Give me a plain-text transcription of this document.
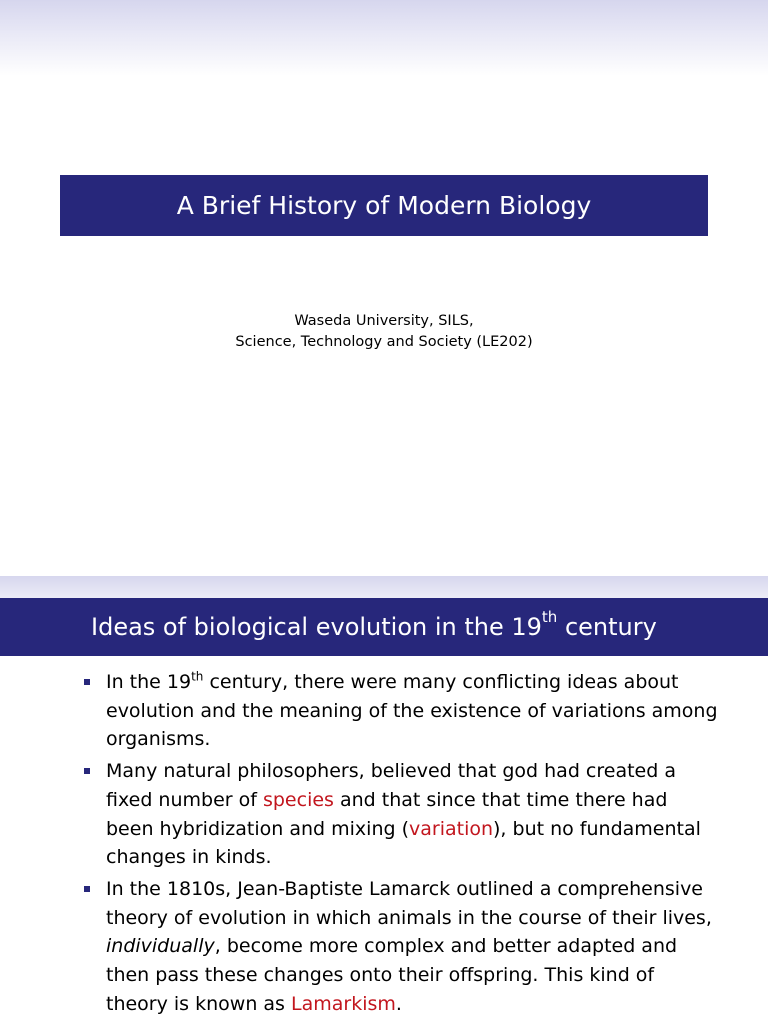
A Brief History of Modern Biology
Waseda University, SILS,
Science, Technology and Society (LE202)
Ideas of biological evolution in the 19th century
In the 19th century, there were many conflicting ideas about evolution and the meaning of the existence of variations among organisms.
Many natural philosophers, believed that god had created a fixed number of species and that since that time there had been hybridization and mixing (variation), but no fundamental changes in kinds.
In the 1810s, Jean-Baptiste Lamarck outlined a comprehensive theory of evolution in which animals in the course of their lives, individually, become more complex and better adapted and then pass these changes onto their offspring. This kind of theory is known as Lamarkism.
